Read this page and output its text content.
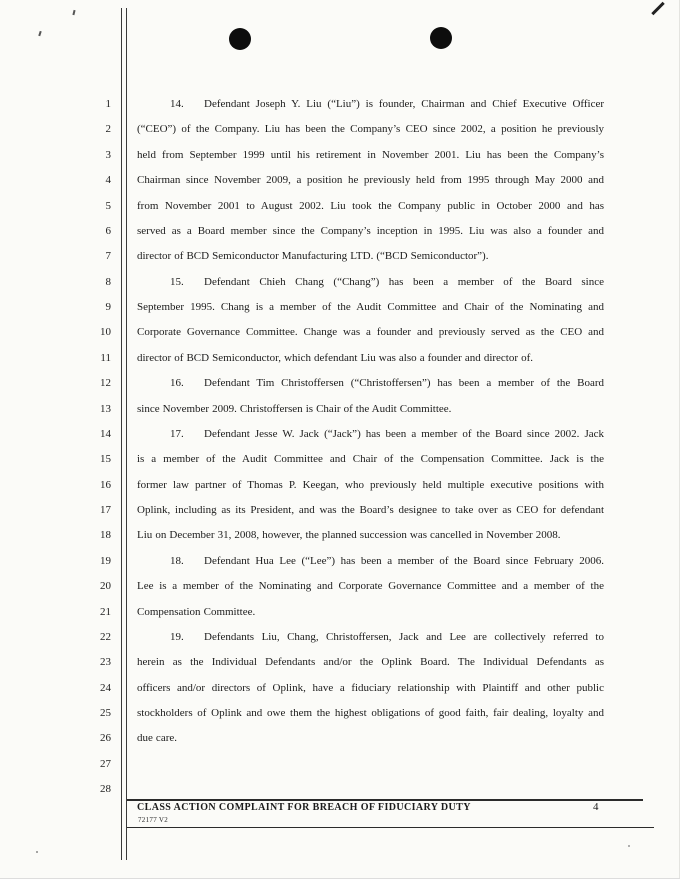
1
2
3
4
5
6
7
8
9
10
11
12
13
14
15
16
17
18
19
20
21
22
23
24
25
26
27
28
14. Defendant Joseph Y. Liu (“Liu”) is founder, Chairman and Chief Executive Officer
(“CEO”) of the Company. Liu has been the Company’s CEO since 2002, a position he previously
held from September 1999 until his retirement in November 2001. Liu has been the Company’s
Chairman since November 2009, a position he previously held from 1995 through May 2000 and
from November 2001 to August 2002. Liu took the Company public in October 2000 and has
served as a Board member since the Company’s inception in 1995. Liu was also a founder and
director of BCD Semiconductor Manufacturing LTD. (“BCD Semiconductor”).
15. Defendant Chieh Chang (“Chang”) has been a member of the Board since
September 1995. Chang is a member of the Audit Committee and Chair of the Nominating and
Corporate Governance Committee. Change was a founder and previously served as the CEO and
director of BCD Semiconductor, which defendant Liu was also a founder and director of.
16. Defendant Tim Christoffersen (“Christoffersen”) has been a member of the Board
since November 2009. Christoffersen is Chair of the Audit Committee.
17. Defendant Jesse W. Jack (“Jack”) has been a member of the Board since 2002. Jack
is a member of the Audit Committee and Chair of the Compensation Committee. Jack is the
former law partner of Thomas P. Keegan, who previously held multiple executive positions with
Oplink, including as its President, and was the Board’s designee to take over as CEO for defendant
Liu on December 31, 2008, however, the planned succession was cancelled in November 2008.
18. Defendant Hua Lee (“Lee”) has been a member of the Board since February 2006.
Lee is a member of the Nominating and Corporate Governance Committee and a member of the
Compensation Committee.
19. Defendants Liu, Chang, Christoffersen, Jack and Lee are collectively referred to
herein as the Individual Defendants and/or the Oplink Board. The Individual Defendants as
officers and/or directors of Oplink, have a fiduciary relationship with Plaintiff and other public
stockholders of Oplink and owe them the highest obligations of good faith, fair dealing, loyalty and
due care.

CLASS ACTION COMPLAINT FOR BREACH OF FIDUCIARY DUTY	4
72177 V2
